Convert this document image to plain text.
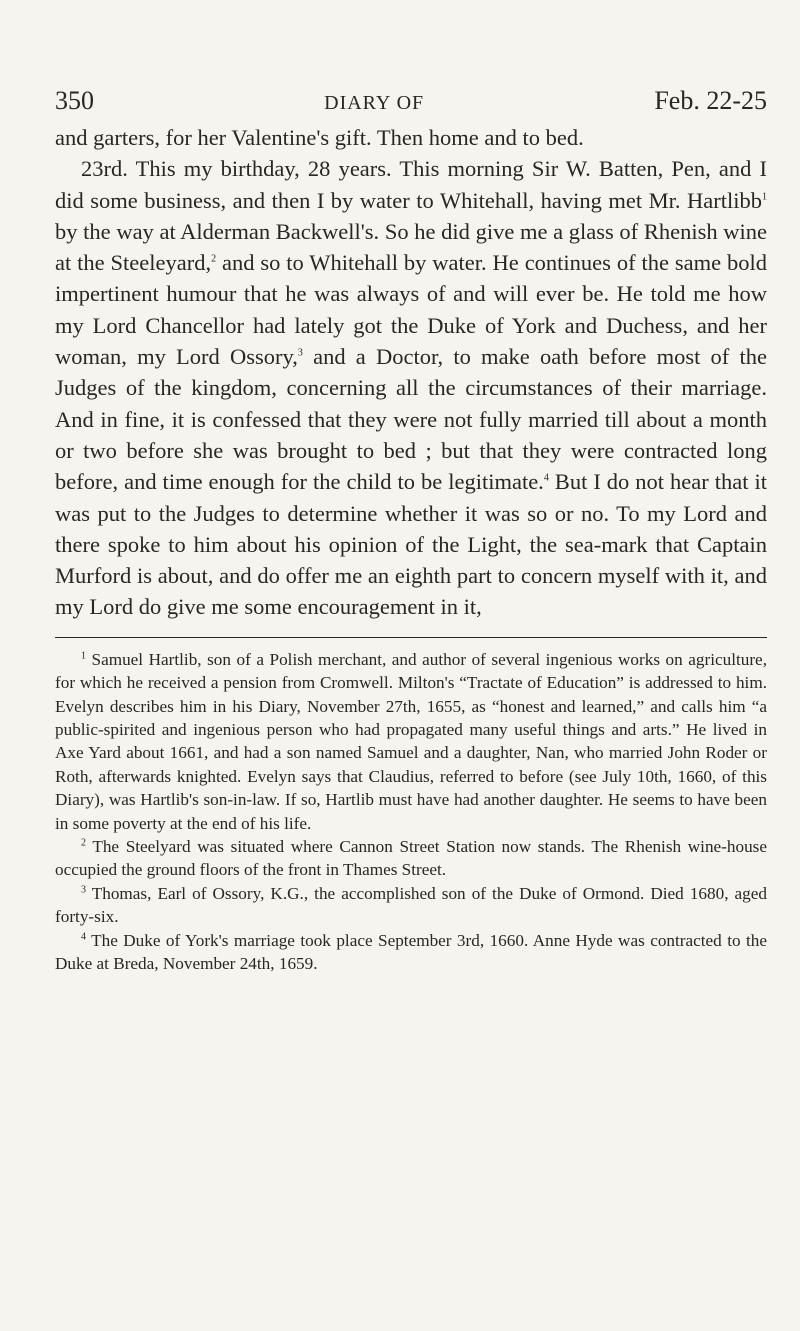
350	DIARY OF	Feb. 22-25

and garters, for her Valentine's gift. Then home and to bed.

23rd. This my birthday, 28 years. This morning Sir W. Batten, Pen, and I did some business, and then I by water to Whitehall, having met Mr. Hartlibb$^1$ by the way at Alderman Backwell's. So he did give me a glass of Rhenish wine at the Steeleyard,$^2$ and so to Whitehall by water. He continues of the same bold impertinent humour that he was always of and will ever be. He told me how my Lord Chancellor had lately got the Duke of York and Duchess, and her woman, my Lord Ossory,$^3$ and a Doctor, to make oath before most of the Judges of the kingdom, concerning all the circumstances of their marriage. And in fine, it is confessed that they were not fully married till about a month or two before she was brought to bed ; but that they were contracted long before, and time enough for the child to be legitimate.$^4$ But I do not hear that it was put to the Judges to determine whether it was so or no. To my Lord and there spoke to him about his opinion of the Light, the sea-mark that Captain Murford is about, and do offer me an eighth part to concern myself with it, and my Lord do give me some encouragement in it,

$^1$ Samuel Hartlib, son of a Polish merchant, and author of several ingenious works on agriculture, for which he received a pension from Cromwell. Milton's “Tractate of Education” is addressed to him. Evelyn describes him in his Diary, November 27th, 1655, as “honest and learned,” and calls him “a public-spirited and ingenious person who had propagated many useful things and arts.” He lived in Axe Yard about 1661, and had a son named Samuel and a daughter, Nan, who married John Roder or Roth, afterwards knighted. Evelyn says that Claudius, referred to before (see July 10th, 1660, of this Diary), was Hartlib's son-in-law. If so, Hartlib must have had another daughter. He seems to have been in some poverty at the end of his life.

$^2$ The Steelyard was situated where Cannon Street Station now stands. The Rhenish wine-house occupied the ground floors of the front in Thames Street.

$^3$ Thomas, Earl of Ossory, K.G., the accomplished son of the Duke of Ormond. Died 1680, aged forty-six.

$^4$ The Duke of York's marriage took place September 3rd, 1660. Anne Hyde was contracted to the Duke at Breda, November 24th, 1659.
